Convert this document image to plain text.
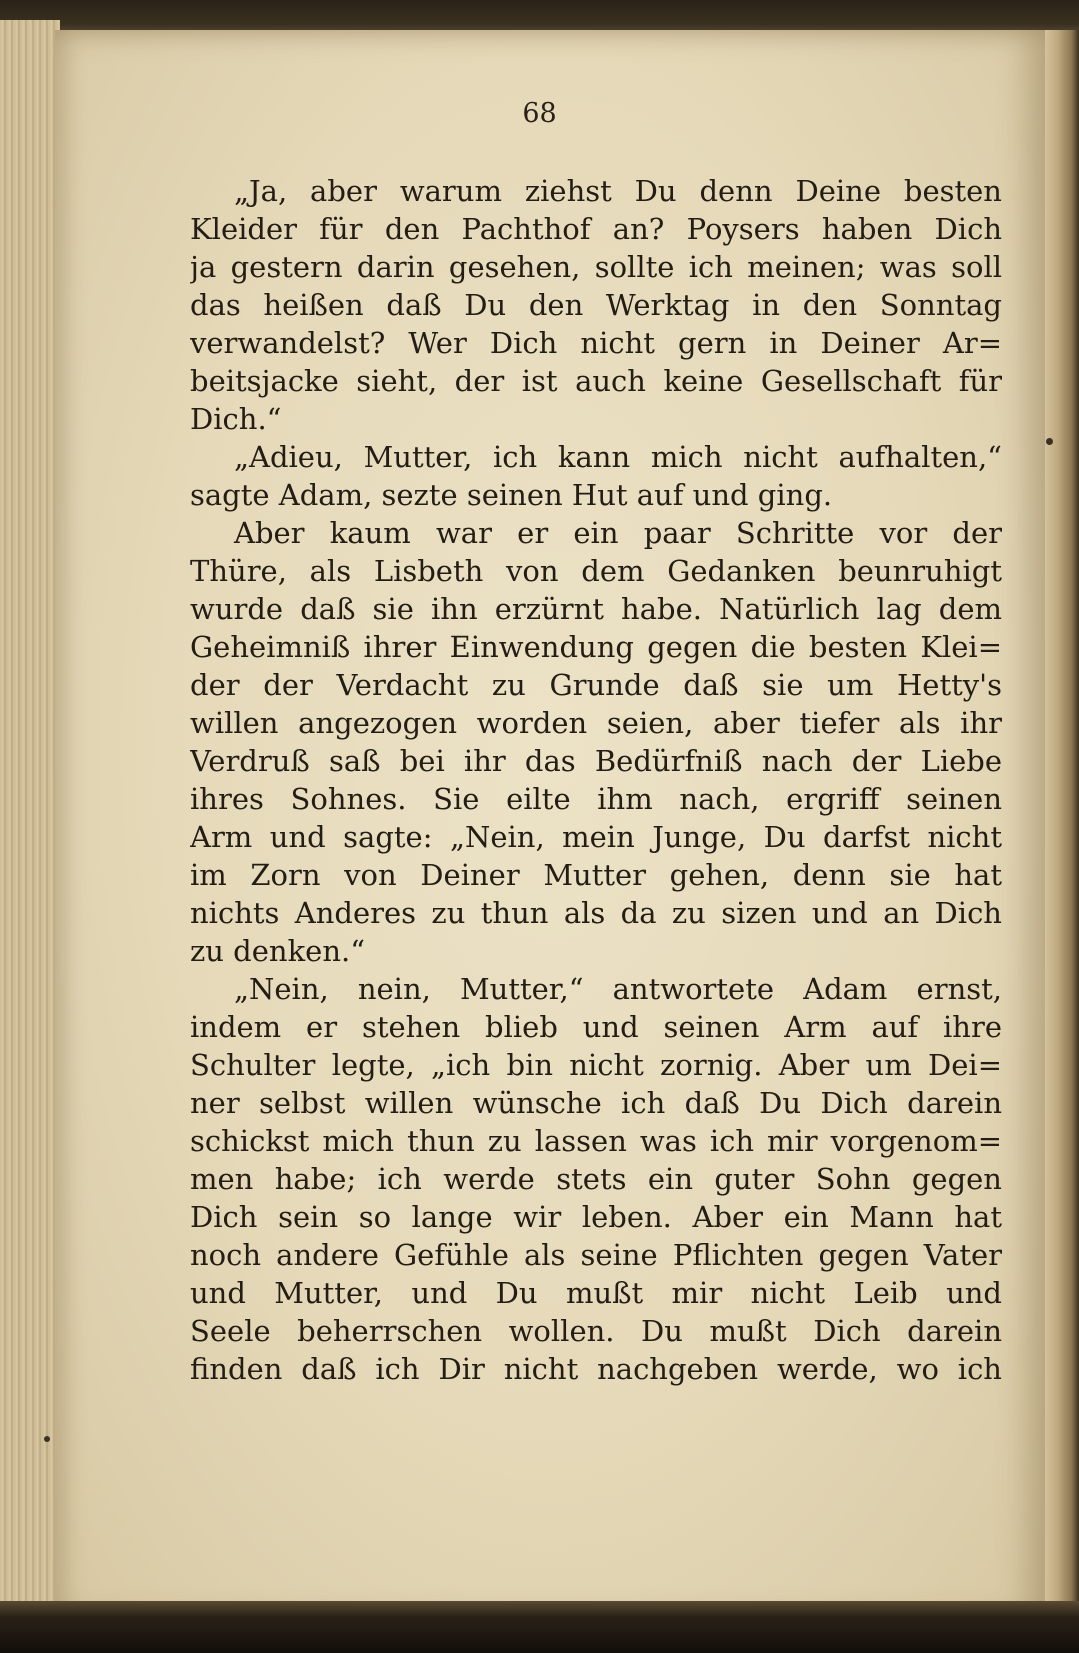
68
„Ja, aber warum ziehst Du denn Deine besten
Kleider für den Pachthof an? Poysers haben Dich
ja gestern darin gesehen, sollte ich meinen; was soll
das heißen daß Du den Werktag in den Sonntag
verwandelst? Wer Dich nicht gern in Deiner Ar=
beitsjacke sieht, der ist auch keine Gesellschaft für
Dich.“
„Adieu, Mutter, ich kann mich nicht aufhalten,“
sagte Adam, sezte seinen Hut auf und ging.
Aber kaum war er ein paar Schritte vor der
Thüre, als Lisbeth von dem Gedanken beunruhigt
wurde daß sie ihn erzürnt habe. Natürlich lag dem
Geheimniß ihrer Einwendung gegen die besten Klei=
der der Verdacht zu Grunde daß sie um Hetty's
willen angezogen worden seien, aber tiefer als ihr
Verdruß saß bei ihr das Bedürfniß nach der Liebe
ihres Sohnes. Sie eilte ihm nach, ergriff seinen
Arm und sagte: „Nein, mein Junge, Du darfst nicht
im Zorn von Deiner Mutter gehen, denn sie hat
nichts Anderes zu thun als da zu sizen und an Dich
zu denken.“
„Nein, nein, Mutter,“ antwortete Adam ernst,
indem er stehen blieb und seinen Arm auf ihre
Schulter legte, „ich bin nicht zornig. Aber um Dei=
ner selbst willen wünsche ich daß Du Dich darein
schickst mich thun zu lassen was ich mir vorgenom=
men habe; ich werde stets ein guter Sohn gegen
Dich sein so lange wir leben. Aber ein Mann hat
noch andere Gefühle als seine Pflichten gegen Vater
und Mutter, und Du mußt mir nicht Leib und
Seele beherrschen wollen. Du mußt Dich darein
finden daß ich Dir nicht nachgeben werde, wo ich
